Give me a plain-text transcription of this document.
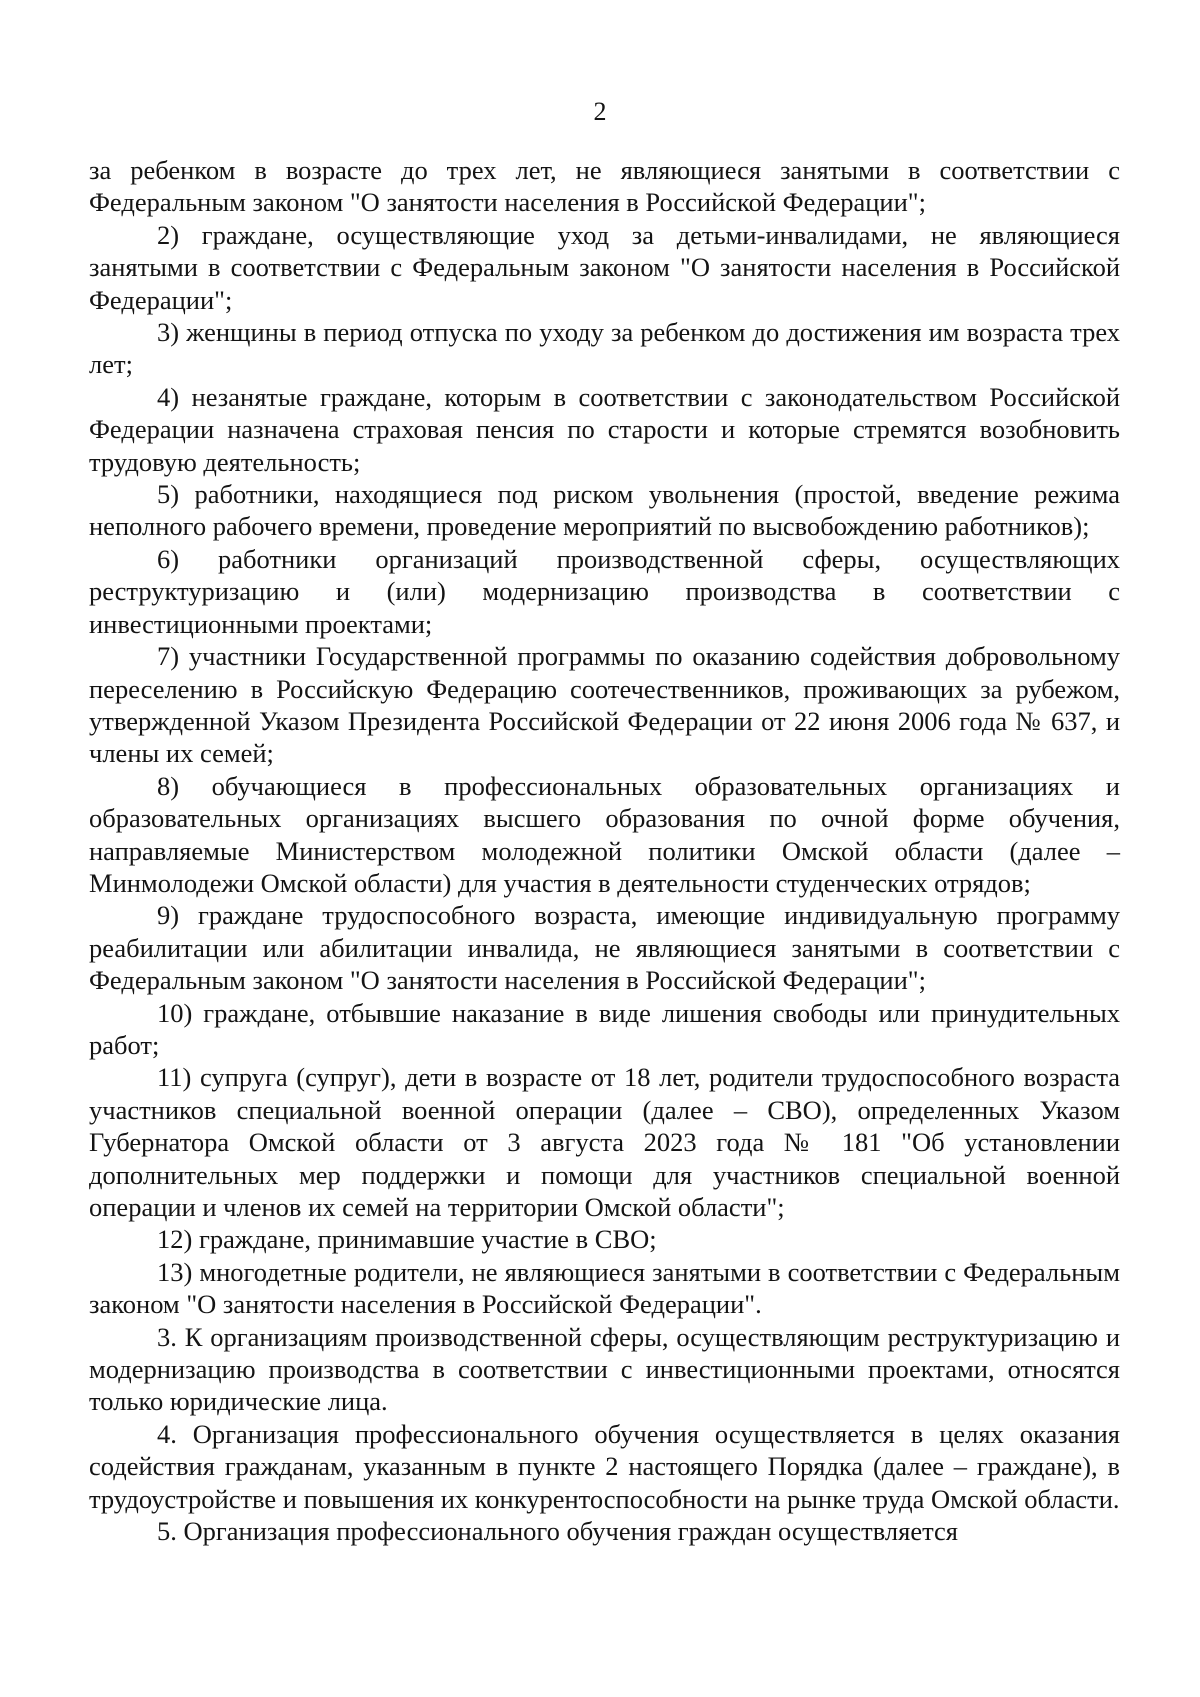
2

за ребенком в возрасте до трех лет, не являющиеся занятыми в соответствии с Федеральным законом "О занятости населения в Российской Федерации";

2) граждане, осуществляющие уход за детьми-инвалидами, не являющиеся занятыми в соответствии с Федеральным законом "О занятости населения в Российской Федерации";

3) женщины в период отпуска по уходу за ребенком до достижения им возраста трех лет;

4) незанятые граждане, которым в соответствии с законодательством Российской Федерации назначена страховая пенсия по старости и которые стремятся возобновить трудовую деятельность;

5) работники, находящиеся под риском увольнения (простой, введение режима неполного рабочего времени, проведение мероприятий по высвобождению работников);

6) работники организаций производственной сферы, осуществляющих реструктуризацию и (или) модернизацию производства в соответствии с инвестиционными проектами;

7) участники Государственной программы по оказанию содействия добровольному переселению в Российскую Федерацию соотечественников, проживающих за рубежом, утвержденной Указом Президента Российской Федерации от 22 июня 2006 года № 637, и члены их семей;

8) обучающиеся в профессиональных образовательных организациях и образовательных организациях высшего образования по очной форме обучения, направляемые Министерством молодежной политики Омской области (далее – Минмолодежи Омской области) для участия в деятельности студенческих отрядов;

9) граждане трудоспособного возраста, имеющие индивидуальную программу реабилитации или абилитации инвалида, не являющиеся занятыми в соответствии с Федеральным законом "О занятости населения в Российской Федерации";

10) граждане, отбывшие наказание в виде лишения свободы или принудительных работ;

11) супруга (супруг), дети в возрасте от 18 лет, родители трудоспособного возраста участников специальной военной операции (далее – СВО), определенных Указом Губернатора Омской области от 3 августа 2023 года № 181 "Об установлении дополнительных мер поддержки и помощи для участников специальной военной операции и членов их семей на территории Омской области";

12) граждане, принимавшие участие в СВО;

13) многодетные родители, не являющиеся занятыми в соответствии с Федеральным законом "О занятости населения в Российской Федерации".

3. К организациям производственной сферы, осуществляющим реструктуризацию и модернизацию производства в соответствии с инвестиционными проектами, относятся только юридические лица.

4. Организация профессионального обучения осуществляется в целях оказания содействия гражданам, указанным в пункте 2 настоящего Порядка (далее – граждане), в трудоустройстве и повышения их конкурентоспособности на рынке труда Омской области.

5. Организация профессионального обучения граждан осуществляется
